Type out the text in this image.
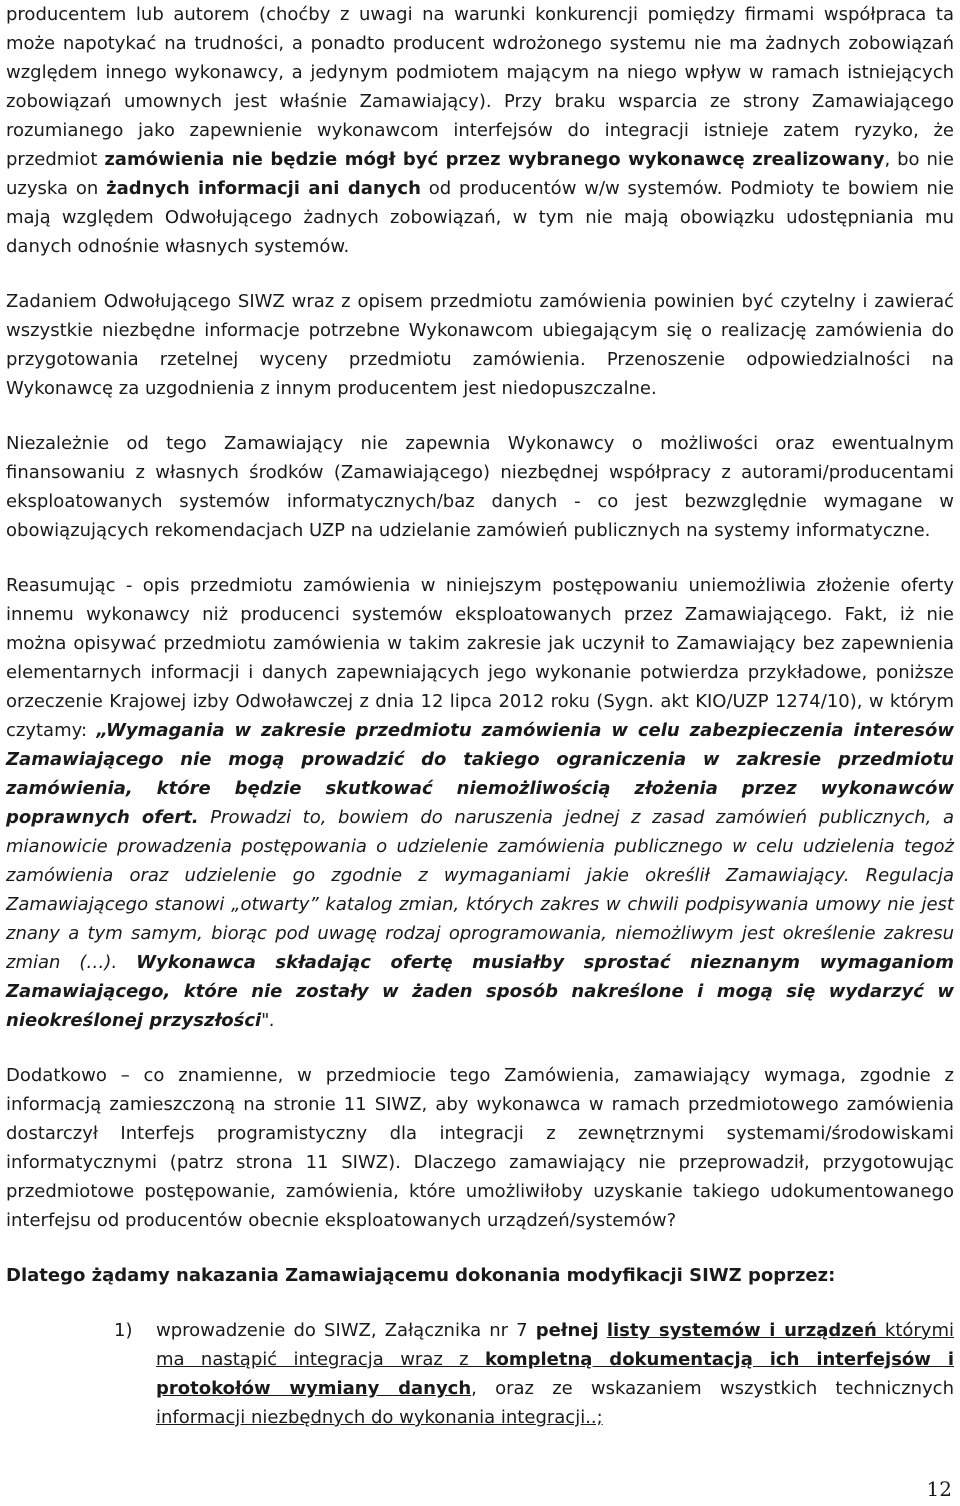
producentem lub autorem (choćby z uwagi na warunki konkurencji pomiędzy firmami współpraca ta może napotykać na trudności, a ponadto producent wdrożonego systemu nie ma żadnych zobowiązań względem innego wykonawcy, a jedynym podmiotem mającym na niego wpływ w ramach istniejących zobowiązań umownych jest właśnie Zamawiający). Przy braku wsparcia ze strony Zamawiającego rozumianego jako zapewnienie wykonawcom interfejsów do integracji istnieje zatem ryzyko, że przedmiot zamówienia nie będzie mógł być przez wybranego wykonawcę zrealizowany, bo nie uzyska on żadnych informacji ani danych od producentów w/w systemów. Podmioty te bowiem nie mają względem Odwołującego żadnych zobowiązań, w tym nie mają obowiązku udostępniania mu danych odnośnie własnych systemów.

Zadaniem Odwołującego SIWZ wraz z opisem przedmiotu zamówienia powinien być czytelny i zawierać wszystkie niezbędne informacje potrzebne Wykonawcom ubiegającym się o realizację zamówienia do przygotowania rzetelnej wyceny przedmiotu zamówienia. Przenoszenie odpowiedzialności na Wykonawcę za uzgodnienia z innym producentem jest niedopuszczalne.

Niezależnie od tego Zamawiający nie zapewnia Wykonawcy o możliwości oraz ewentualnym finansowaniu z własnych środków (Zamawiającego) niezbędnej współpracy z autorami/producentami eksploatowanych systemów informatycznych/baz danych - co jest bezwzględnie wymagane w obowiązujących rekomendacjach UZP na udzielanie zamówień publicznych na systemy informatyczne.

Reasumując - opis przedmiotu zamówienia w niniejszym postępowaniu uniemożliwia złożenie oferty innemu wykonawcy niż producenci systemów eksploatowanych przez Zamawiającego. Fakt, iż nie można opisywać przedmiotu zamówienia w takim zakresie jak uczynił to Zamawiający bez zapewnienia elementarnych informacji i danych zapewniających jego wykonanie potwierdza przykładowe, poniższe orzeczenie Krajowej izby Odwoławczej z dnia 12 lipca 2012 roku (Sygn. akt KIO/UZP 1274/10), w którym czytamy: „Wymagania w zakresie przedmiotu zamówienia w celu zabezpieczenia interesów Zamawiającego nie mogą prowadzić do takiego ograniczenia w zakresie przedmiotu zamówienia, które będzie skutkować niemożliwością złożenia przez wykonawców poprawnych ofert. Prowadzi to, bowiem do naruszenia jednej z zasad zamówień publicznych, a mianowicie prowadzenia postępowania o udzielenie zamówienia publicznego w celu udzielenia tegoż zamówienia oraz udzielenie go zgodnie z wymaganiami jakie określił Zamawiający. Regulacja Zamawiającego stanowi „otwarty” katalog zmian, których zakres w chwili podpisywania umowy nie jest znany a tym samym, biorąc pod uwagę rodzaj oprogramowania, niemożliwym jest określenie zakresu zmian (…). Wykonawca składając ofertę musiałby sprostać nieznanym wymaganiom Zamawiającego, które nie zostały w żaden sposób nakreślone i mogą się wydarzyć w nieokreślonej przyszłości".

Dodatkowo – co znamienne, w przedmiocie tego Zamówienia, zamawiający wymaga, zgodnie z informacją zamieszczoną na stronie 11 SIWZ, aby wykonawca w ramach przedmiotowego zamówienia dostarczył Interfejs programistyczny dla integracji z zewnętrznymi systemami/środowiskami informatycznymi (patrz strona 11 SIWZ). Dlaczego zamawiający nie przeprowadził, przygotowując przedmiotowe postępowanie, zamówienia, które umożliwiłoby uzyskanie takiego udokumentowanego interfejsu od producentów obecnie eksploatowanych urządzeń/systemów?

Dlatego żądamy nakazania Zamawiającemu dokonania modyfikacji SIWZ poprzez:

1) wprowadzenie do SIWZ, Załącznika nr 7 pełnej listy systemów i urządzeń którymi ma nastąpić integracja wraz z kompletną dokumentacją ich interfejsów i protokołów wymiany danych, oraz ze wskazaniem wszystkich technicznych informacji niezbędnych do wykonania integracji..;

12
